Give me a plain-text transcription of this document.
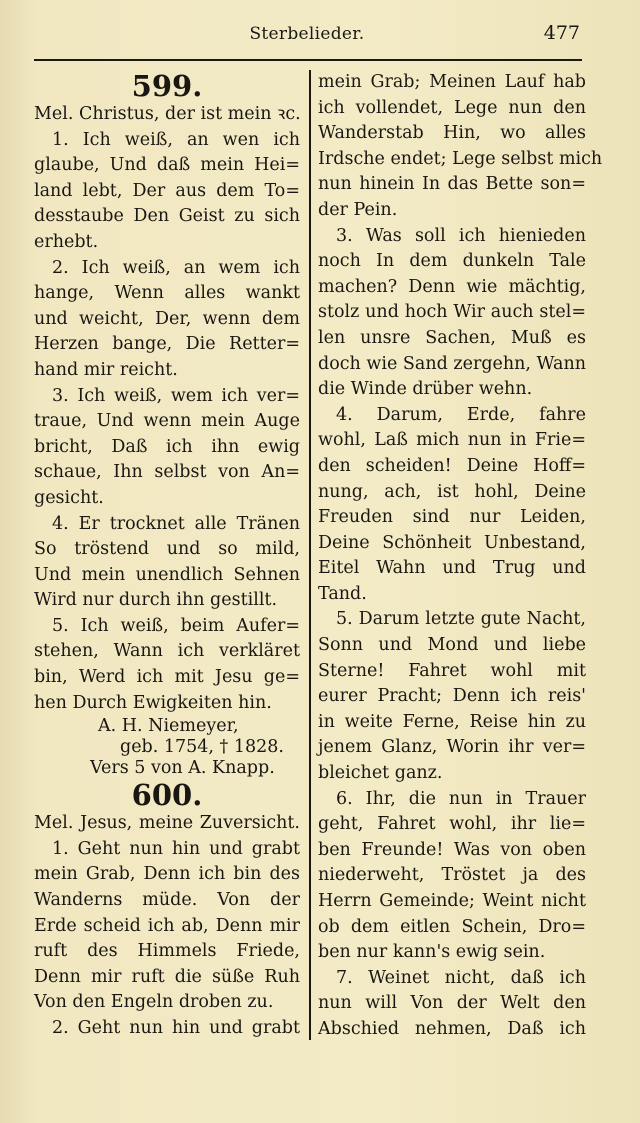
Sterbelieder.	477
599.
Mel. Christus, der ist mein ꝛc.
1. Ich weiß, an wen ich
glaube, Und daß mein Hei=
land lebt, Der aus dem To=
desstaube Den Geist zu sich
erhebt.
2. Ich weiß, an wem ich
hange, Wenn alles wankt
und weicht, Der, wenn dem
Herzen bange, Die Retter=
hand mir reicht.
3. Ich weiß, wem ich ver=
traue, Und wenn mein Auge
bricht, Daß ich ihn ewig
schaue, Ihn selbst von An=
gesicht.
4. Er trocknet alle Tränen
So tröstend und so mild,
Und mein unendlich Sehnen
Wird nur durch ihn gestillt.
5. Ich weiß, beim Aufer=
stehen, Wann ich verkläret
bin, Werd ich mit Jesu ge=
hen Durch Ewigkeiten hin.
A. H. Niemeyer,
geb. 1754, † 1828.
Vers 5 von A. Knapp.
600.
Mel. Jesus, meine Zuversicht.
1. Geht nun hin und grabt
mein Grab, Denn ich bin des
Wanderns müde. Von der
Erde scheid ich ab, Denn mir
ruft des Himmels Friede,
Denn mir ruft die süße Ruh
Von den Engeln droben zu.
2. Geht nun hin und grabt
mein Grab; Meinen Lauf hab
ich vollendet, Lege nun den
Wanderstab Hin, wo alles
Irdsche endet; Lege selbst mich
nun hinein In das Bette son=
der Pein.
3. Was soll ich hienieden
noch In dem dunkeln Tale
machen? Denn wie mächtig,
stolz und hoch Wir auch stel=
len unsre Sachen, Muß es
doch wie Sand zergehn, Wann
die Winde drüber wehn.
4. Darum, Erde, fahre
wohl, Laß mich nun in Frie=
den scheiden! Deine Hoff=
nung, ach, ist hohl, Deine
Freuden sind nur Leiden,
Deine Schönheit Unbestand,
Eitel Wahn und Trug und
Tand.
5. Darum letzte gute Nacht,
Sonn und Mond und liebe
Sterne! Fahret wohl mit
eurer Pracht; Denn ich reis'
in weite Ferne, Reise hin zu
jenem Glanz, Worin ihr ver=
bleichet ganz.
6. Ihr, die nun in Trauer
geht, Fahret wohl, ihr lie=
ben Freunde! Was von oben
niederweht, Tröstet ja des
Herrn Gemeinde; Weint nicht
ob dem eitlen Schein, Dro=
ben nur kann's ewig sein.
7. Weinet nicht, daß ich
nun will Von der Welt den
Abschied nehmen, Daß ich
